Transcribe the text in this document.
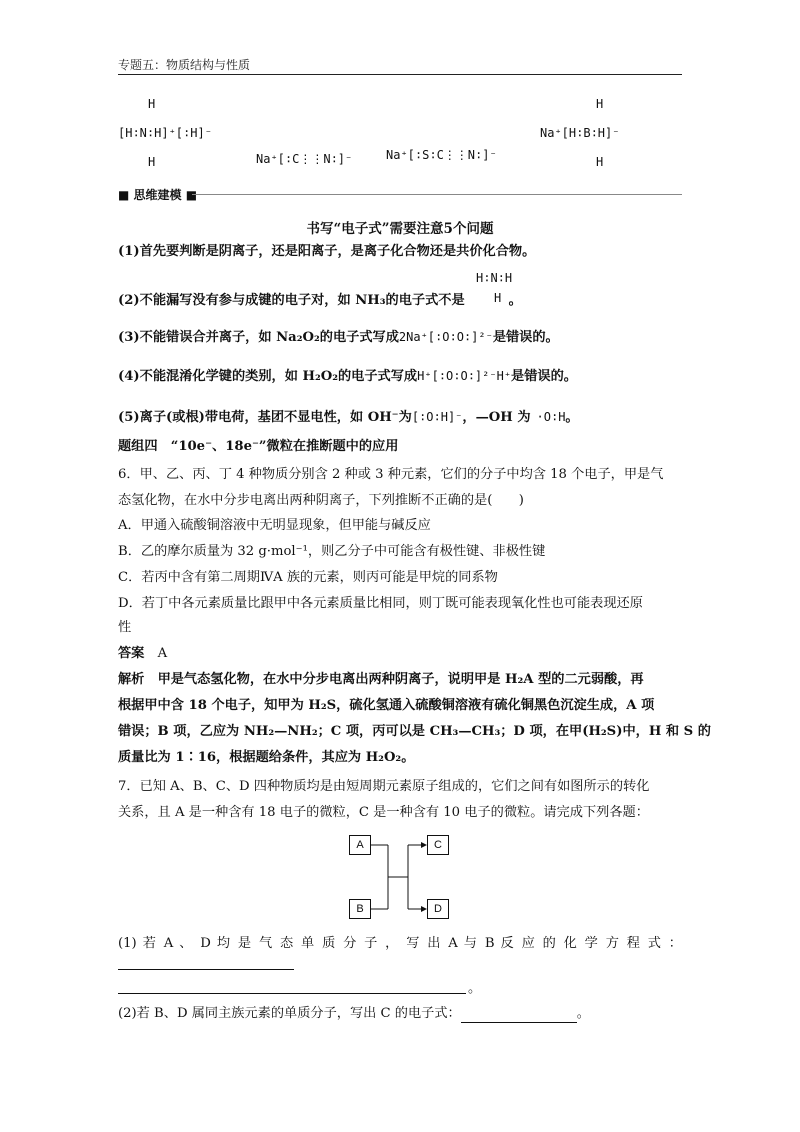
专题五：物质结构与性质
H
[H∶N∶H]⁺[∶H]⁻
H	Na⁺[∶C⋮⋮N∶]⁻	Na⁺[∶S∶C⋮⋮N∶]⁻
H
Na⁺[H∶B∶H]⁻
H
■ 思维建模 ■
书写“电子式”需要注意5个问题
(1)首先要判断是阴离子，还是阳离子，是离子化合物还是共价化合物。
H∶N∶H
H
(2)不能漏写没有参与成键的电子对，如 NH₃的电子式不是	。
(3)不能错误合并离子，如 Na₂O₂的电子式写成2Na⁺[∶O∶O∶]²⁻是错误的。
(4)不能混淆化学键的类别，如 H₂O₂的电子式写成H⁺[∶O∶O∶]²⁻H⁺是错误的。
(5)离子(或根)带电荷，基团不显电性，如 OH⁻为[∶O∶H]⁻，—OH 为 ·O∶H。
题组四　“10e⁻、18e⁻”微粒在推断题中的应用
6．甲、乙、丙、丁 4 种物质分别含 2 种或 3 种元素，它们的分子中均含 18 个电子，甲是气
态氢化物，在水中分步电离出两种阴离子，下列推断不正确的是(　　)
A．甲通入硫酸铜溶液中无明显现象，但甲能与碱反应
B．乙的摩尔质量为 32 g·mol⁻¹，则乙分子中可能含有极性键、非极性键
C．若丙中含有第二周期ⅣA 族的元素，则丙可能是甲烷的同系物
D．若丁中各元素质量比跟甲中各元素质量比相同，则丁既可能表现氧化性也可能表现还原
性
答案　 A
解析　 甲是气态氢化物，在水中分步电离出两种阴离子，说明甲是 H₂A 型的二元弱酸，再
根据甲中含 18 个电子，知甲为 H₂S，硫化氢通入硫酸铜溶液有硫化铜黑色沉淀生成，A 项
错误；B 项，乙应为 NH₂—NH₂；C 项，丙可以是 CH₃—CH₃；D 项，在甲(H₂S)中，H 和 S 的
质量比为 1∶16，根据题给条件，其应为 H₂O₂。
7．已知 A、B、C、D 四种物质均是由短周期元素原子组成的，它们之间有如图所示的转化
关系，且 A 是一种含有 18 电子的微粒，C 是一种含有 10 电子的微粒。请完成下列各题：
A	C
B	D
(1) 若 A 、 D 均 是 气 态 单 质 分 子 ， 写 出 A 与 B 反 应 的 化 学 方 程 式 ：
。
(2)若 B、D 属同主族元素的单质分子，写出 C 的电子式：	。
